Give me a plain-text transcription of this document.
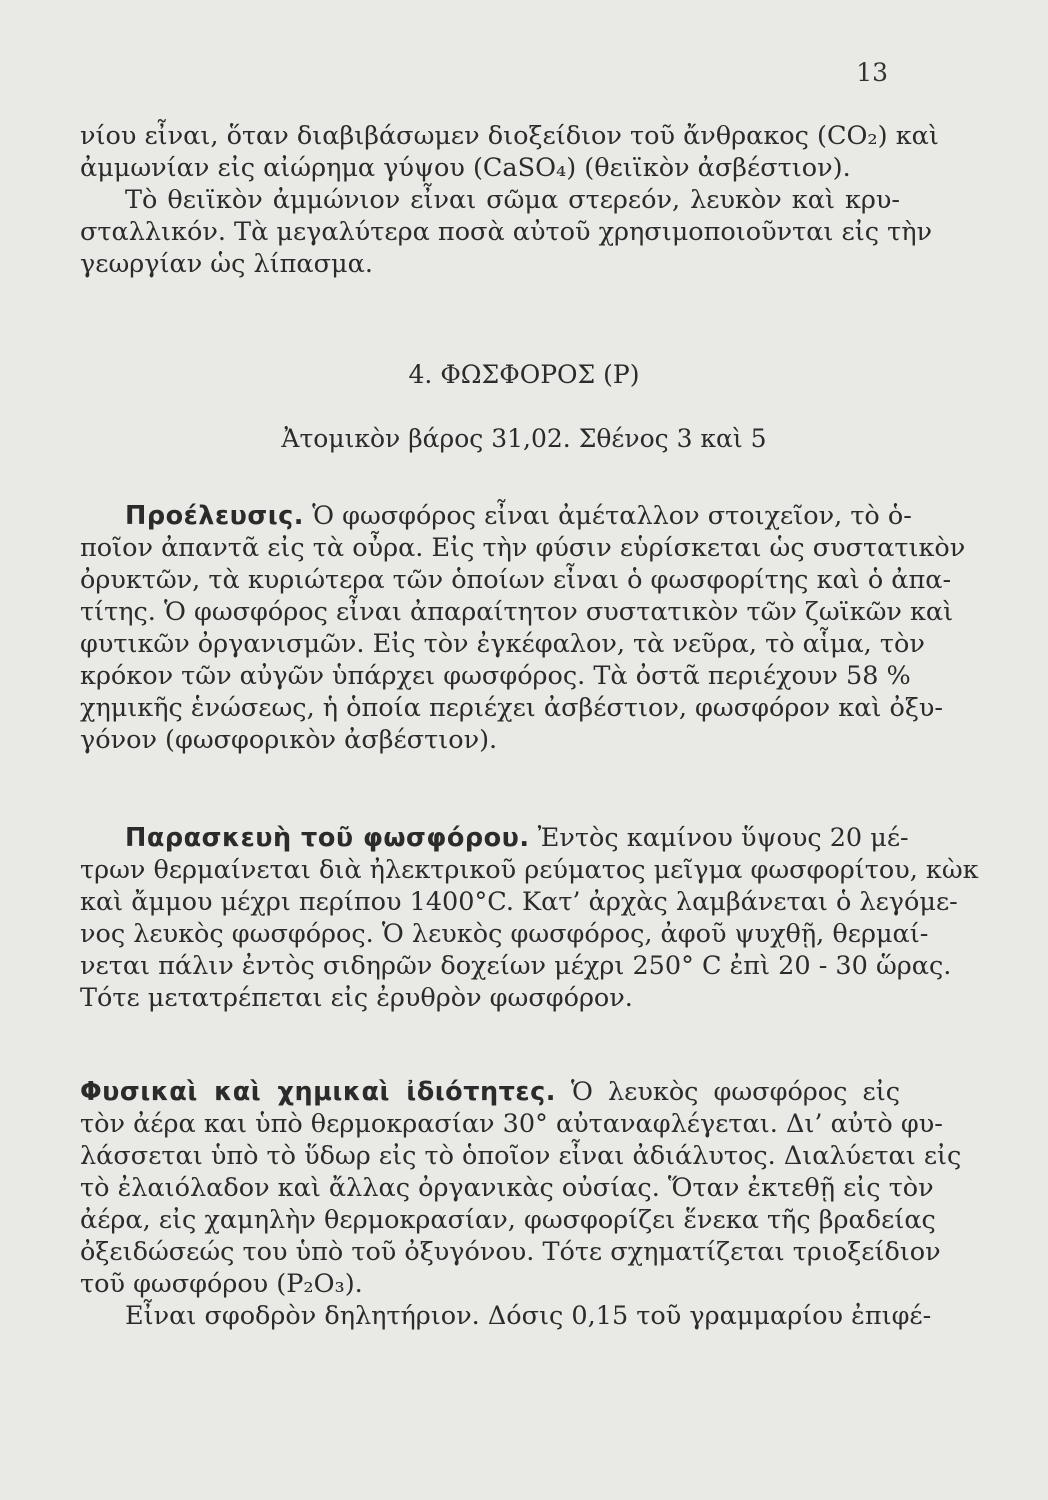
13
νίου εἶναι, ὅταν διαβιβάσωμεν διοξείδιον τοῦ ἄνθρακος (CO₂) καὶ
ἀμμωνίαν εἰς αἰώρημα γύψου (CaSO₄) (θειϊκὸν ἀσβέστιον).
Τὸ θειϊκὸν ἀμμώνιον εἶναι σῶμα στερεόν, λευκὸν καὶ κρυ-
σταλλικόν. Τὰ μεγαλύτερα ποσὰ αὐτοῦ χρησιμοποιοῦνται εἰς τὴν
γεωργίαν ὡς λίπασμα.
4. ΦΩΣΦΟΡΟΣ (P)
Ἀτομικὸν βάρος 31,02. Σθένος 3 καὶ 5
Προέλευσις. Ὁ φωσφόρος εἶναι ἀμέταλλον στοιχεῖον, τὸ ὁ-
ποῖον ἀπαντᾶ εἰς τὰ οὖρα. Εἰς τὴν φύσιν εὑρίσκεται ὡς συστατικὸν
ὀρυκτῶν, τὰ κυριώτερα τῶν ὁποίων εἶναι ὁ φωσφορίτης καὶ ὁ ἀπα-
τίτης. Ὁ φωσφόρος εἶναι ἀπαραίτητον συστατικὸν τῶν ζωϊκῶν καὶ
φυτικῶν ὀργανισμῶν. Εἰς τὸν ἐγκέφαλον, τὰ νεῦρα, τὸ αἷμα, τὸν
κρόκον τῶν αὐγῶν ὑπάρχει φωσφόρος. Τὰ ὀστᾶ περιέχουν 58 %
χημικῆς ἑνώσεως, ἡ ὁποία περιέχει ἀσβέστιον, φωσφόρον καὶ ὀξυ-
γόνον (φωσφορικὸν ἀσβέστιον).
Παρασκευὴ τοῦ φωσφόρου. Ἐντὸς καμίνου ὕψους 20 μέ-
τρων θερμαίνεται διὰ ἠλεκτρικοῦ ρεύματος μεῖγμα φωσφορίτου, κὼκ
καὶ ἄμμου μέχρι περίπου 1400°C. Κατ’ ἀρχὰς λαμβάνεται ὁ λεγόμε-
νος λευκὸς φωσφόρος. Ὁ λευκὸς φωσφόρος, ἀφοῦ ψυχθῇ, θερμαί-
νεται πάλιν ἐντὸς σιδηρῶν δοχείων μέχρι 250° C ἐπὶ 20 - 30 ὥρας.
Τότε μετατρέπεται εἰς ἐρυθρὸν φωσφόρον.
Φυσικαὶ καὶ χημικαὶ ἰδιότητες. Ὁ λευκὸς φωσφόρος εἰς
τὸν ἀέρα και ὑπὸ θερμοκρασίαν 30° αὐταναφλέγεται. Δι’ αὐτὸ φυ-
λάσσεται ὑπὸ τὸ ὕδωρ εἰς τὸ ὁποῖον εἶναι ἀδιάλυτος. Διαλύεται εἰς
τὸ ἐλαιόλαδον καὶ ἄλλας ὀργανικὰς οὐσίας. Ὅταν ἐκτεθῇ εἰς τὸν
ἀέρα, εἰς χαμηλὴν θερμοκρασίαν, φωσφορίζει ἕνεκα τῆς βραδείας
ὀξειδώσεώς του ὑπὸ τοῦ ὀξυγόνου. Τότε σχηματίζεται τριοξείδιον
τοῦ φωσφόρου (P₂O₃).
Εἶναι σφοδρὸν δηλητήριον. Δόσις 0,15 τοῦ γραμμαρίου ἐπιφέ-
